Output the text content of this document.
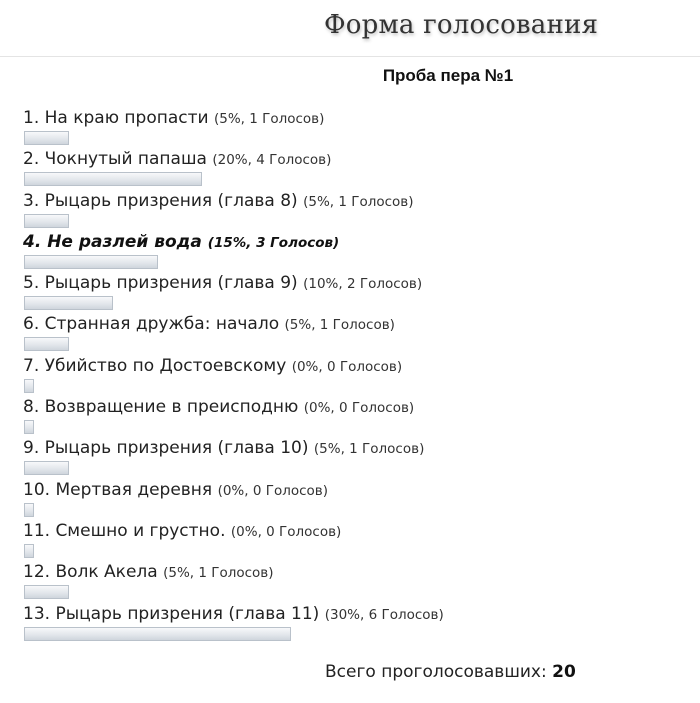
Форма голосования
Проба пера №1
1. На краю пропасти (5%, 1 Голосов)
2. Чокнутый папаша (20%, 4 Голосов)
3. Рыцарь призрения (глава 8) (5%, 1 Голосов)
4. Не разлей вода (15%, 3 Голосов)
5. Рыцарь призрения (глава 9) (10%, 2 Голосов)
6. Странная дружба: начало (5%, 1 Голосов)
7. Убийство по Достоевскому (0%, 0 Голосов)
8. Возвращение в преисподню (0%, 0 Голосов)
9. Рыцарь призрения (глава 10) (5%, 1 Голосов)
10. Мертвая деревня (0%, 0 Голосов)
11. Смешно и грустно. (0%, 0 Голосов)
12. Волк Акела (5%, 1 Голосов)
13. Рыцарь призрения (глава 11) (30%, 6 Голосов)
Всего проголосовавших: 20
